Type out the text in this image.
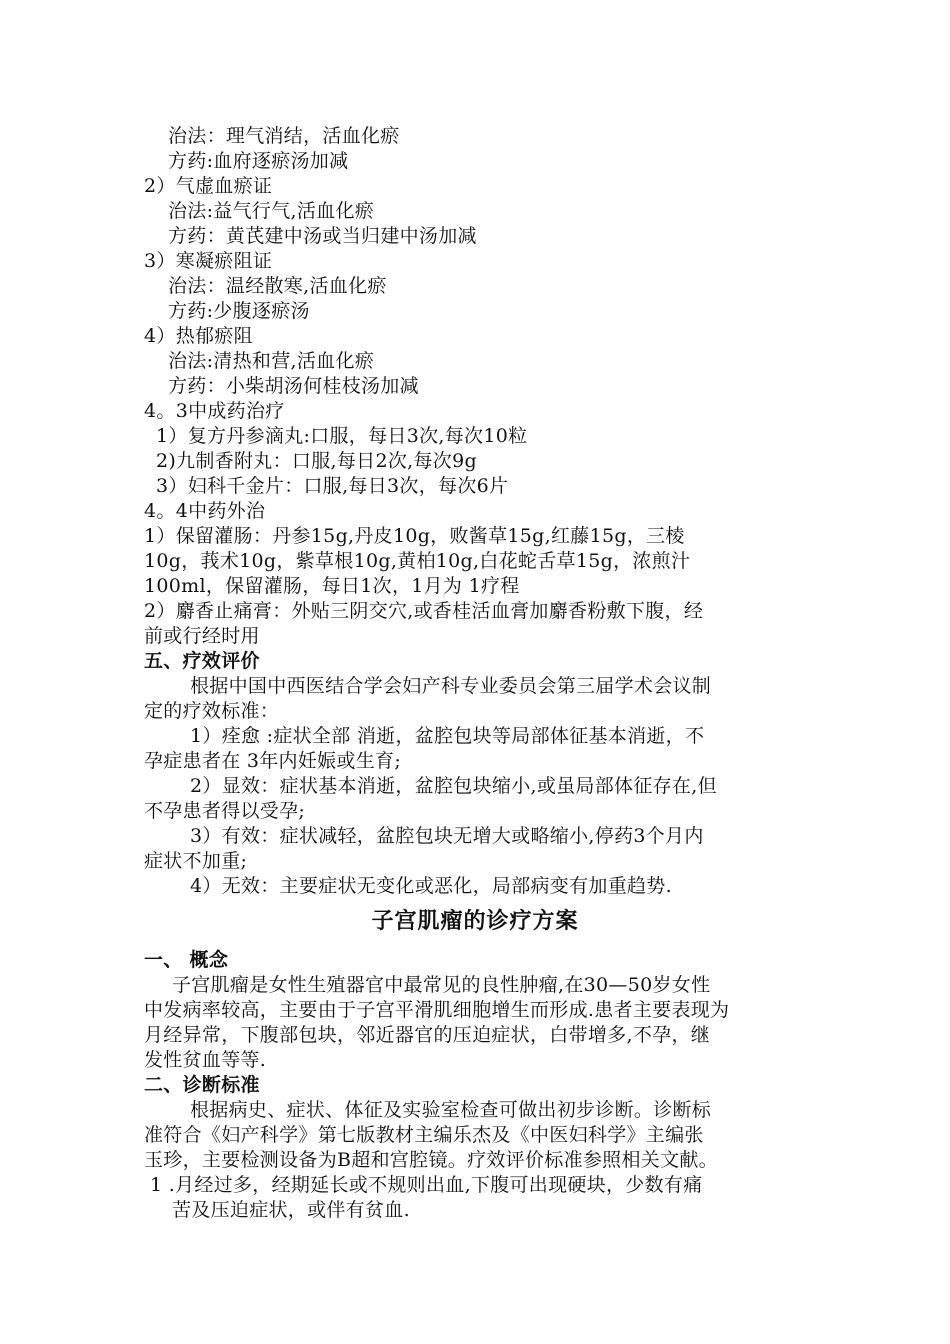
治法：理气消结，活血化瘀
方药:血府逐瘀汤加减
2）气虚血瘀证
治法:益气行气,活血化瘀
方药：黄芪建中汤或当归建中汤加减
3）寒凝瘀阻证
治法：温经散寒,活血化瘀
方药:少腹逐瘀汤
4）热郁瘀阻
治法:清热和营,活血化瘀
方药：小柴胡汤何桂枝汤加减
4。3中成药治疗
1）复方丹参滴丸:口服，每日3次,每次10粒
2)九制香附丸：口服,每日2次,每次9g
3）妇科千金片：口服,每日3次，每次6片
4。4中药外治
1）保留灌肠：丹参15g,丹皮10g，败酱草15g,红藤15g，三棱
10g，莪术10g，紫草根10g,黄柏10g,白花蛇舌草15g，浓煎汁
100ml，保留灌肠，每日1次，1月为 1疗程
2）麝香止痛膏：外贴三阴交穴,或香桂活血膏加麝香粉敷下腹，经
前或行经时用
五、疗效评价
根据中国中西医结合学会妇产科专业委员会第三届学术会议制
定的疗效标准：
1）痊愈 :症状全部 消逝，盆腔包块等局部体征基本消逝，不
孕症患者在 3年内妊娠或生育;
2）显效：症状基本消逝，盆腔包块缩小,或虽局部体征存在,但
不孕患者得以受孕;
3）有效：症状减轻，盆腔包块无增大或略缩小,停药3个月内
症状不加重;
4）无效：主要症状无变化或恶化，局部病变有加重趋势.
子宫肌瘤的诊疗方案
一、 概念
子宫肌瘤是女性生殖器官中最常见的良性肿瘤,在30—50岁女性
中发病率较高，主要由于子宫平滑肌细胞增生而形成.患者主要表现为
月经异常，下腹部包块，邻近器官的压迫症状，白带增多,不孕，继
发性贫血等等.
二、诊断标准
根据病史、症状、体征及实验室检查可做出初步诊断。诊断标
准符合《妇产科学》第七版教材主编乐杰及《中医妇科学》主编张
玉珍，主要检测设备为B超和宫腔镜。疗效评价标准参照相关文献。
1 .月经过多，经期延长或不规则出血,下腹可出现硬块，少数有痛
苦及压迫症状，或伴有贫血.
